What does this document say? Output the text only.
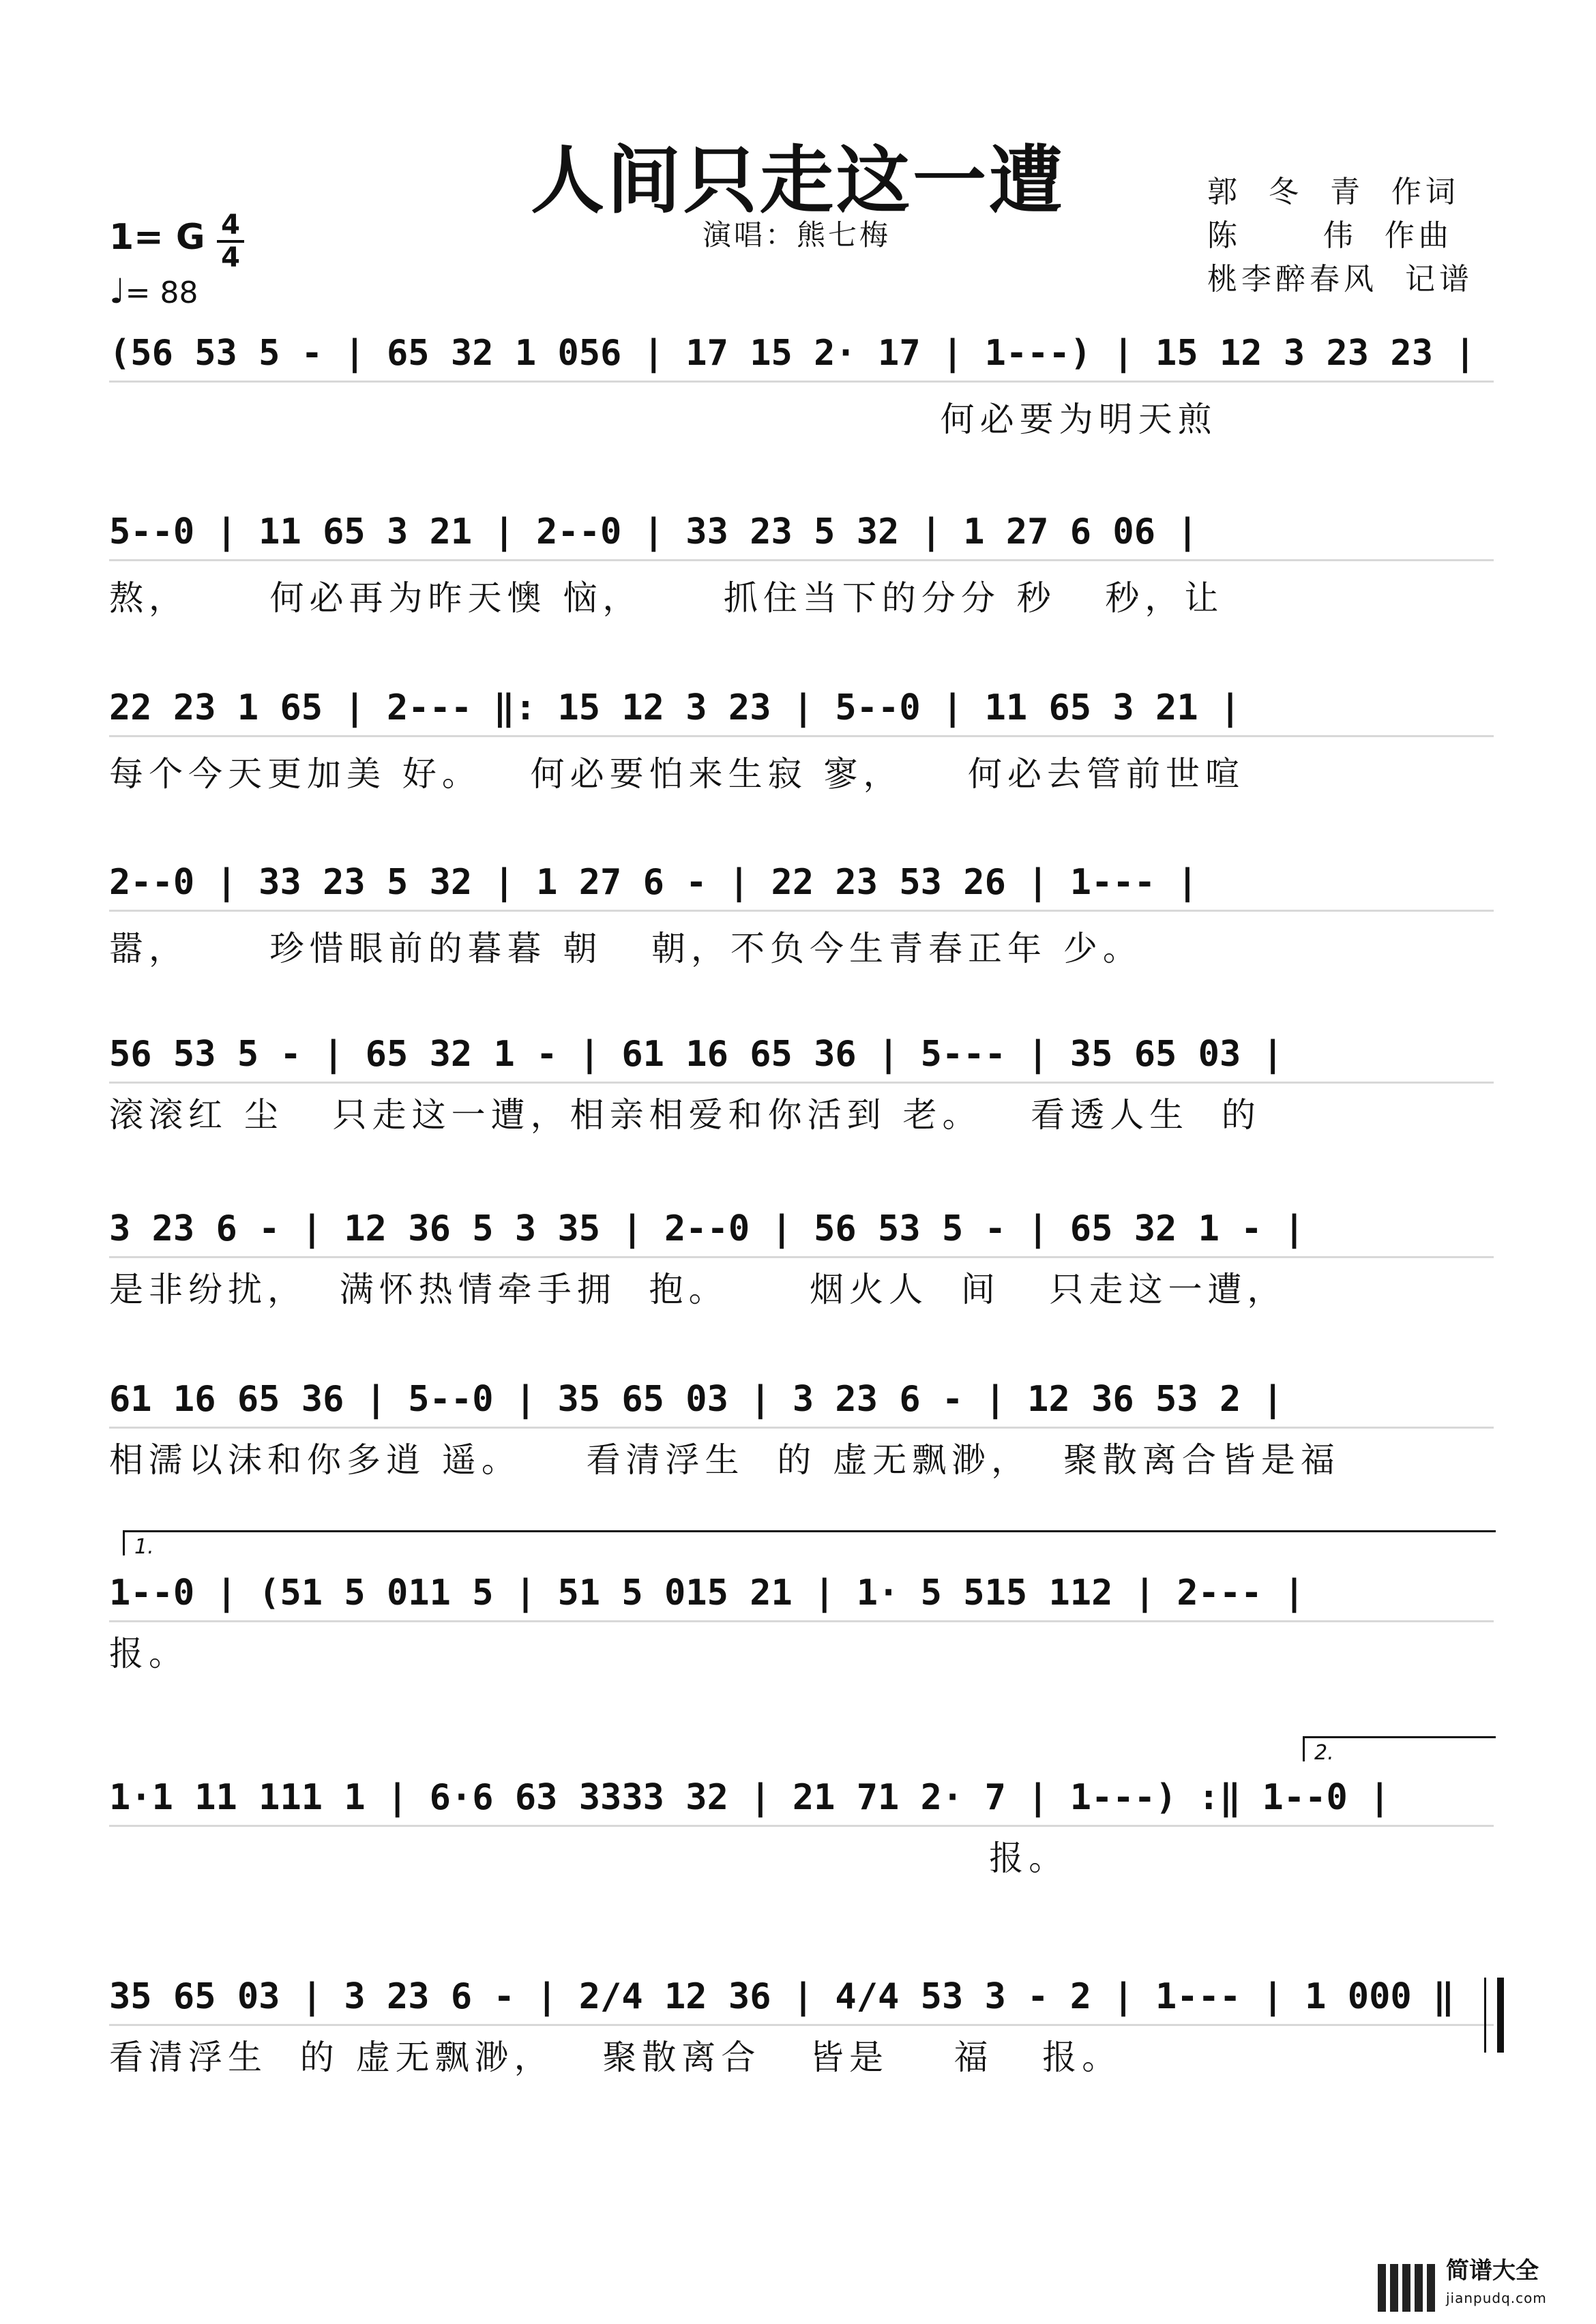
人间只走这一遭
演唱：熊七梅
1= G 4
4
♩= 88
郭  冬  青  作词
陈      伟  作曲
桃李醉春风  记谱
(56 53 5 - | 65 32 1 056 | 17 15 2· 17 | 1---) | 15 12 3 23 23 |
何必要为明天煎
5--0 | 11 65 3 21 | 2--0 | 33 23 5 32 | 1 27 6 06 |
熬，     何必再为昨天懊 恼，     抓住当下的分分 秒   秒，让
22 23 1 65 | 2--- ‖: 15 12 3 23 | 5--0 | 11 65 3 21 |
每个今天更加美 好。   何必要怕来生寂 寥，    何必去管前世喧
2--0 | 33 23 5 32 | 1 27 6 - | 22 23 53 26 | 1--- |
嚣，     珍惜眼前的暮暮 朝   朝，不负今生青春正年 少。
56 53 5 - | 65 32 1 - | 61 16 65 36 | 5--- | 35 65 03 |
滚滚红 尘   只走这一遭，相亲相爱和你活到 老。   看透人生  的
3 23 6 - | 12 36 5 3 35 | 2--0 | 56 53 5 - | 65 32 1 - |
是非纷扰，  满怀热情牵手拥  抱。     烟火人  间   只走这一遭，
61 16 65 36 | 5--0 | 35 65 03 | 3 23 6 - | 12 36 53 2 |
相濡以沫和你多逍 遥。    看清浮生  的 虚无飘渺，  聚散离合皆是福
1.
1--0 | (51 5 011 5 | 51 5 015 21 | 1· 5 515 112 | 2--- |
报。
2.
1·1 11 111 1 | 6·6 63 3333 32 | 21 71 2· 7 | 1---) :‖ 1--0 |
报。
35 65 03 | 3 23 6 - | 2/4 12 36 | 4/4 53 3 - 2 | 1--- | 1 000 ‖
看清浮生  的 虚无飘渺，   聚散离合   皆是    福   报。
简谱大全
jianpudq.com
